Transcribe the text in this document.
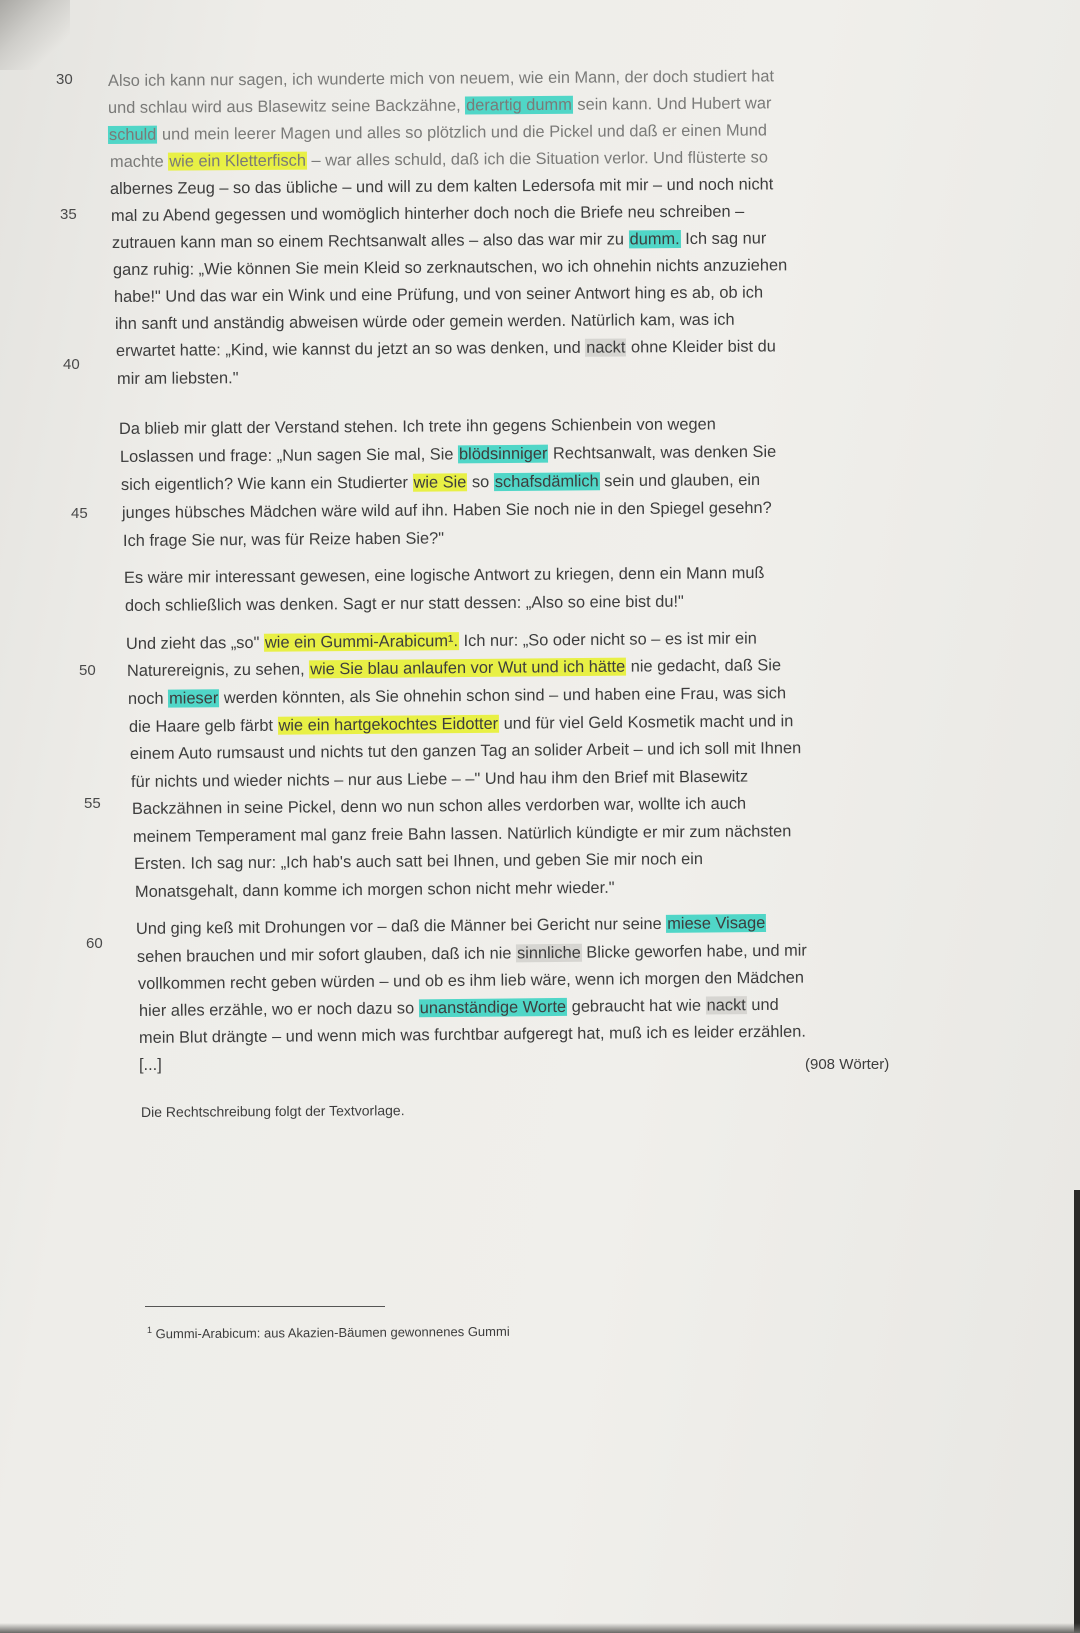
30
35
40
45
50
55
60
Also ich kann nur sagen, ich wunderte mich von neuem, wie ein Mann, der doch studiert hat
und schlau wird aus Blasewitz seine Backzähne, derartig dumm sein kann. Und Hubert war
schuld und mein leerer Magen und alles so plötzlich und die Pickel und daß er einen Mund
machte wie ein Kletterfisch – war alles schuld, daß ich die Situation verlor. Und flüsterte so
albernes Zeug – so das übliche – und will zu dem kalten Ledersofa mit mir – und noch nicht
mal zu Abend gegessen und womöglich hinterher doch noch die Briefe neu schreiben –
zutrauen kann man so einem Rechtsanwalt alles – also das war mir zu dumm. Ich sag nur
ganz ruhig: „Wie können Sie mein Kleid so zerknautschen, wo ich ohnehin nichts anzuziehen
habe!" Und das war ein Wink und eine Prüfung, und von seiner Antwort hing es ab, ob ich
ihn sanft und anständig abweisen würde oder gemein werden. Natürlich kam, was ich
erwartet hatte: „Kind, wie kannst du jetzt an so was denken, und nackt ohne Kleider bist du
mir am liebsten."
Da blieb mir glatt der Verstand stehen. Ich trete ihn gegens Schienbein von wegen
Loslassen und frage: „Nun sagen Sie mal, Sie blödsinniger Rechtsanwalt, was denken Sie
sich eigentlich? Wie kann ein Studierter wie Sie so schafsdämlich sein und glauben, ein
junges hübsches Mädchen wäre wild auf ihn. Haben Sie noch nie in den Spiegel gesehn?
Ich frage Sie nur, was für Reize haben Sie?"
Es wäre mir interessant gewesen, eine logische Antwort zu kriegen, denn ein Mann muß
doch schließlich was denken. Sagt er nur statt dessen: „Also so eine bist du!"
Und zieht das „so" wie ein Gummi-Arabicum¹. Ich nur: „So oder nicht so – es ist mir ein
Naturereignis, zu sehen, wie Sie blau anlaufen vor Wut und ich hätte nie gedacht, daß Sie
noch mieser werden könnten, als Sie ohnehin schon sind – und haben eine Frau, was sich
die Haare gelb färbt wie ein hartgekochtes Eidotter und für viel Geld Kosmetik macht und in
einem Auto rumsaust und nichts tut den ganzen Tag an solider Arbeit – und ich soll mit Ihnen
für nichts und wieder nichts – nur aus Liebe – –" Und hau ihm den Brief mit Blasewitz
Backzähnen in seine Pickel, denn wo nun schon alles verdorben war, wollte ich auch
meinem Temperament mal ganz freie Bahn lassen. Natürlich kündigte er mir zum nächsten
Ersten. Ich sag nur: „Ich hab's auch satt bei Ihnen, und geben Sie mir noch ein
Monatsgehalt, dann komme ich morgen schon nicht mehr wieder."
Und ging keß mit Drohungen vor – daß die Männer bei Gericht nur seine miese Visage
sehen brauchen und mir sofort glauben, daß ich nie sinnliche Blicke geworfen habe, und mir
vollkommen recht geben würden – und ob es ihm lieb wäre, wenn ich morgen den Mädchen
hier alles erzähle, wo er noch dazu so unanständige Worte gebraucht hat wie nackt und
mein Blut drängte – und wenn mich was furchtbar aufgeregt hat, muß ich es leider erzählen.
[...]	(908 Wörter)
Die Rechtschreibung folgt der Textvorlage.
$^1$ Gummi-Arabicum: aus Akazien-Bäumen gewonnenes Gummi
